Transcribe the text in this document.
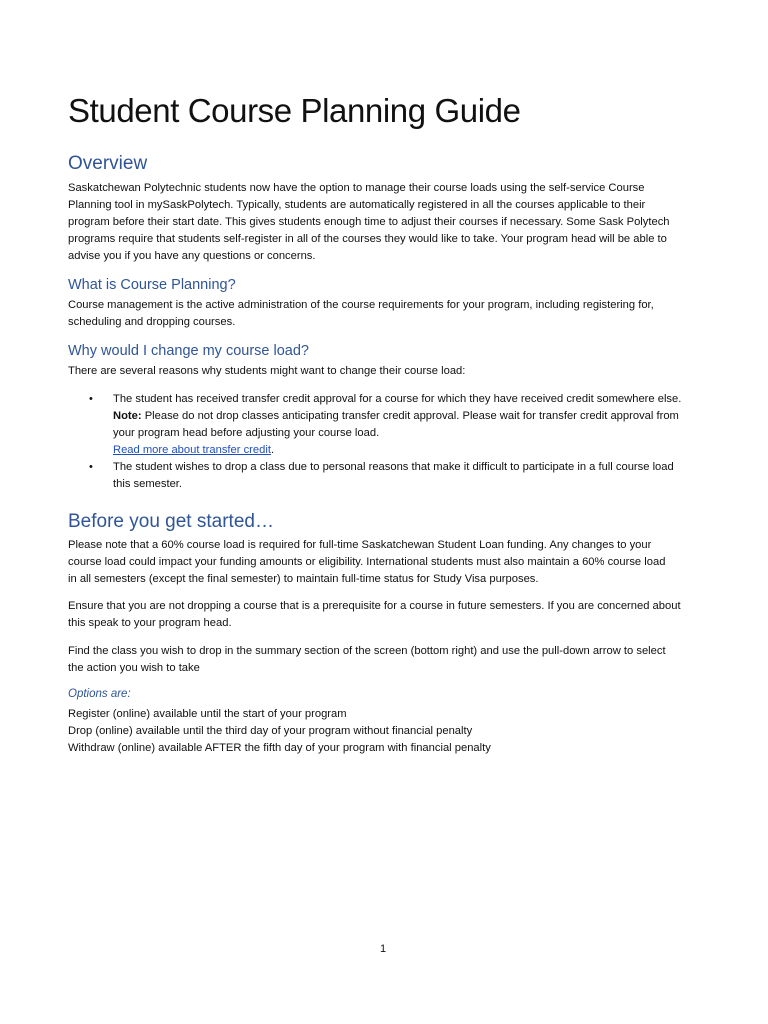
Student Course Planning Guide
Overview
Saskatchewan Polytechnic students now have the option to manage their course loads using the self-service Course
Planning tool in mySaskPolytech. Typically, students are automatically registered in all the courses applicable to their
program before their start date. This gives students enough time to adjust their courses if necessary. Some Sask Polytech
programs require that students self-register in all of the courses they would like to take. Your program head will be able to
advise you if you have any questions or concerns.
What is Course Planning?
Course management is the active administration of the course requirements for your program, including registering for,
scheduling and dropping courses.
Why would I change my course load?
There are several reasons why students might want to change their course load:
• The student has received transfer credit approval for a course for which they have received credit somewhere else.
Note: Please do not drop classes anticipating transfer credit approval. Please wait for transfer credit approval from
your program head before adjusting your course load.
Read more about transfer credit.
• The student wishes to drop a class due to personal reasons that make it difficult to participate in a full course load
this semester.
Before you get started…
Please note that a 60% course load is required for full-time Saskatchewan Student Loan funding. Any changes to your
course load could impact your funding amounts or eligibility. International students must also maintain a 60% course load
in all semesters (except the final semester) to maintain full-time status for Study Visa purposes.
Ensure that you are not dropping a course that is a prerequisite for a course in future semesters. If you are concerned about
this speak to your program head.
Find the class you wish to drop in the summary section of the screen (bottom right) and use the pull-down arrow to select
the action you wish to take
Options are:
Register (online) available until the start of your program
Drop (online) available until the third day of your program without financial penalty
Withdraw (online) available AFTER the fifth day of your program with financial penalty
1
